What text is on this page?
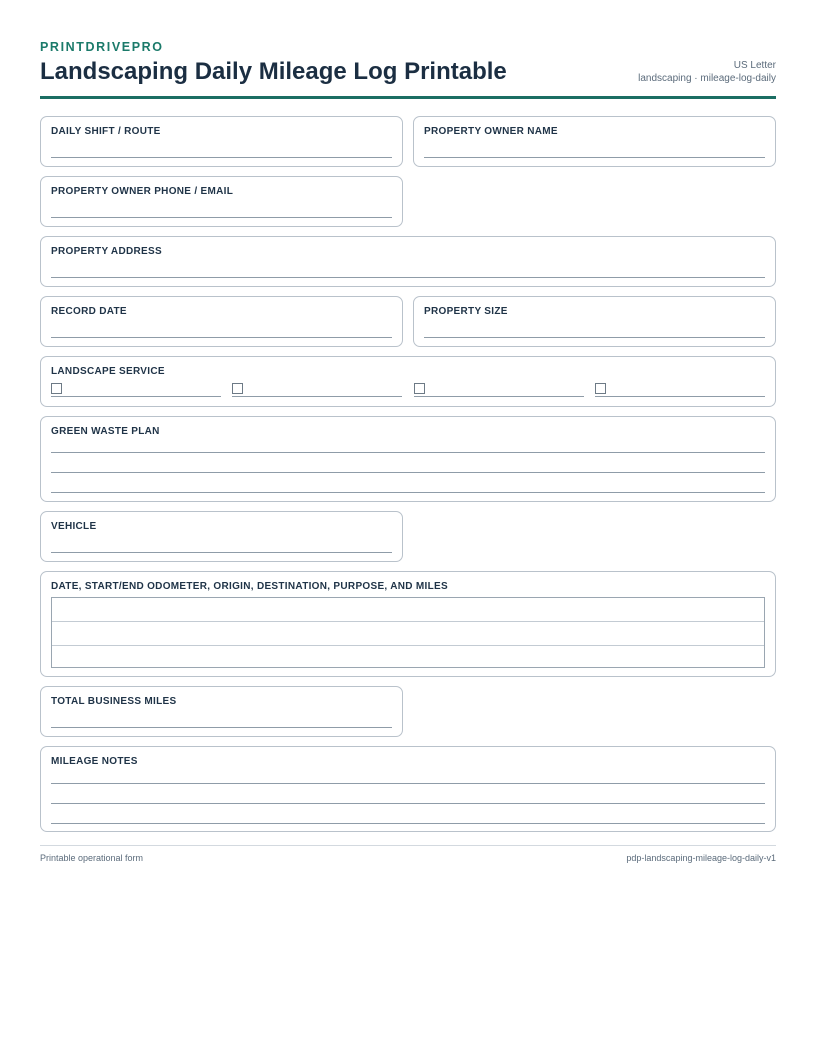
PRINTDRIVEPRO
Landscaping Daily Mileage Log Printable	US Letter
landscaping · mileage-log-daily
DAILY SHIFT / ROUTE	PROPERTY OWNER NAME
PROPERTY OWNER PHONE / EMAIL
PROPERTY ADDRESS
RECORD DATE	PROPERTY SIZE
LANDSCAPE SERVICE
GREEN WASTE PLAN
VEHICLE
DATE, START/END ODOMETER, ORIGIN, DESTINATION, PURPOSE, AND MILES
TOTAL BUSINESS MILES
MILEAGE NOTES
Printable operational form	pdp-landscaping-mileage-log-daily-v1
